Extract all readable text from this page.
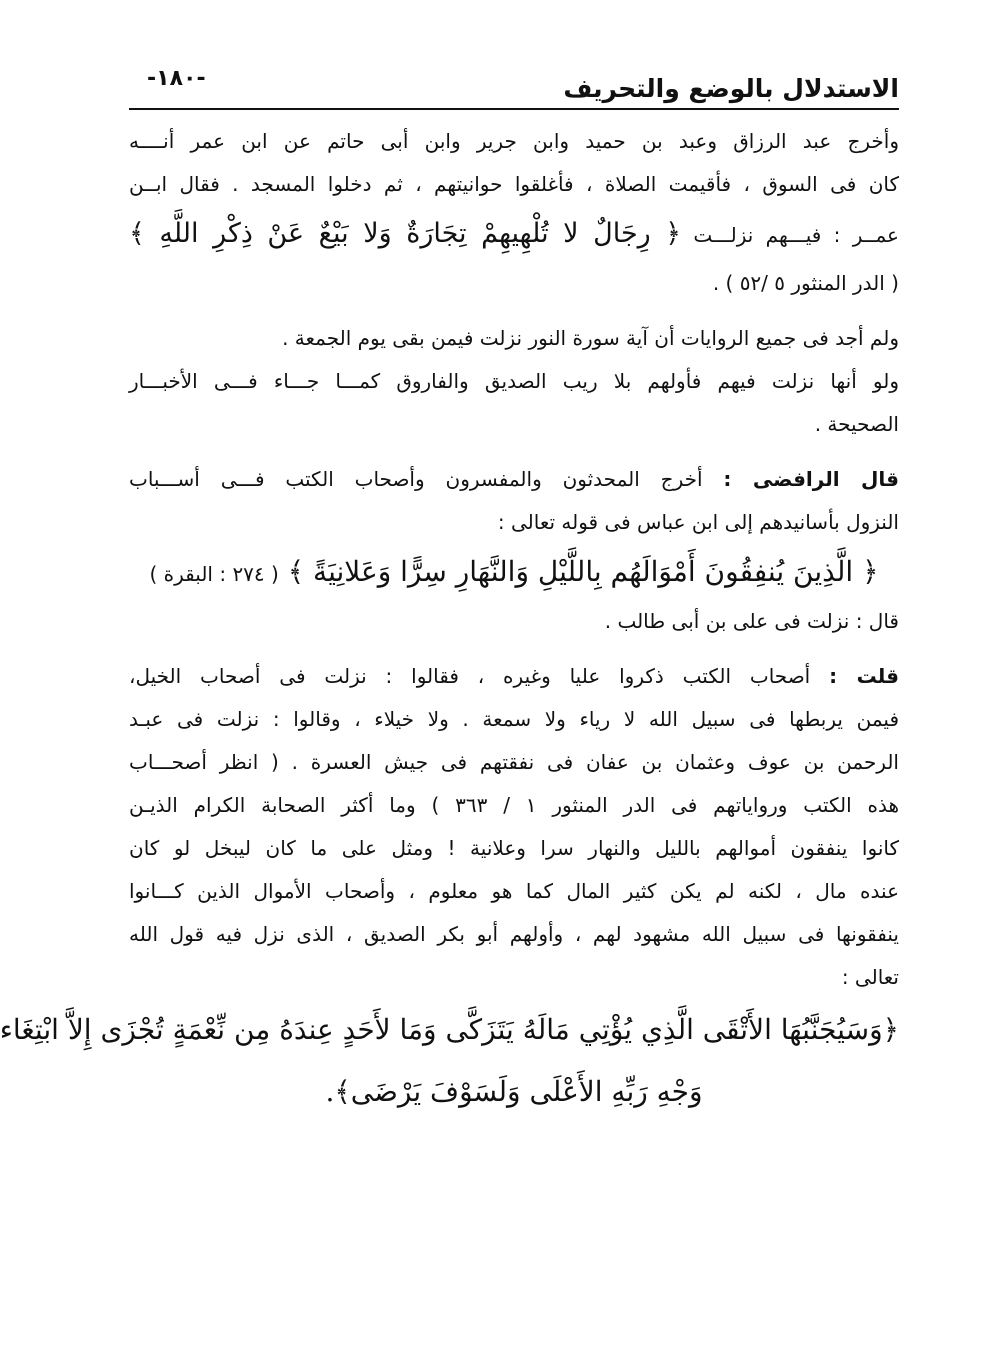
الاستدلال بالوضع والتحريف
-١٨٠-
وأخرج عبد الرزاق وعبد بن حميد وابن جرير وابن أبى حاتم عن ابن عمر أنــــه
كان فى السوق ، فأقيمت الصلاة ، فأغلقوا حوانيتهم ، ثم دخلوا المسجد . فقال ابــن
عمــر : فيـــهم نزلـــت ﴿ رِجَالٌ لا تُلْهِيهِمْ تِجَارَةٌ وَلا بَيْعٌ عَنْ ذِكْرِ اللَّهِ ﴾
( الدر المنثور ٥ /٥٢ ) .
ولم أجد فى جميع الروايات أن آية سورة النور نزلت فيمن بقى يوم الجمعة .
ولو أنها نزلت فيهم فأولهم بلا ريب الصديق والفاروق كمـــا جـــاء فـــى الأخبـــار
الصحيحة .
قال الرافضى : أخرج المحدثون والمفسرون وأصحاب الكتب فـــى أســـباب
النزول بأسانيدهم إلى ابن عباس فى قوله تعالى :
﴿ الَّذِينَ يُنفِقُونَ أَمْوَالَهُم بِاللَّيْلِ وَالنَّهَارِ سِرًّا وَعَلانِيَةً ﴾ ( ٢٧٤ : البقرة )
قال : نزلت فى على بن أبى طالب .
قلت : أصحاب الكتب ذكروا عليا وغيره ، فقالوا : نزلت فى أصحاب الخيل،
فيمن يربطها فى سبيل الله لا رياء ولا سمعة . ولا خيلاء ، وقالوا : نزلت فى عبـد
الرحمن بن عوف وعثمان بن عفان فى نفقتهم فى جيش العسرة . ( انظر أصحـــاب
هذه الكتب ورواياتهم فى الدر المنثور ١ / ٣٦٣ ) وما أكثر الصحابة الكرام الذيـن
كانوا ينفقون أموالهم بالليل والنهار سرا وعلانية ! ومثل على ما كان ليبخل لو كان
عنده مال ، لكنه لم يكن كثير المال كما هو معلوم ، وأصحاب الأموال الذين كـــانوا
ينفقونها فى سبيل الله مشهود لهم ، وأولهم أبو بكر الصديق ، الذى نزل فيه قول الله
تعالى :
﴿وَسَيُجَنَّبُهَا الأَتْقَى الَّذِي يُؤْتِي مَالَهُ يَتَزَكَّى وَمَا لأَحَدٍ عِندَهُ مِن نِّعْمَةٍ تُجْزَى إِلاَّ ابْتِغَاء
وَجْهِ رَبِّهِ الأَعْلَى وَلَسَوْفَ يَرْضَى﴾.
